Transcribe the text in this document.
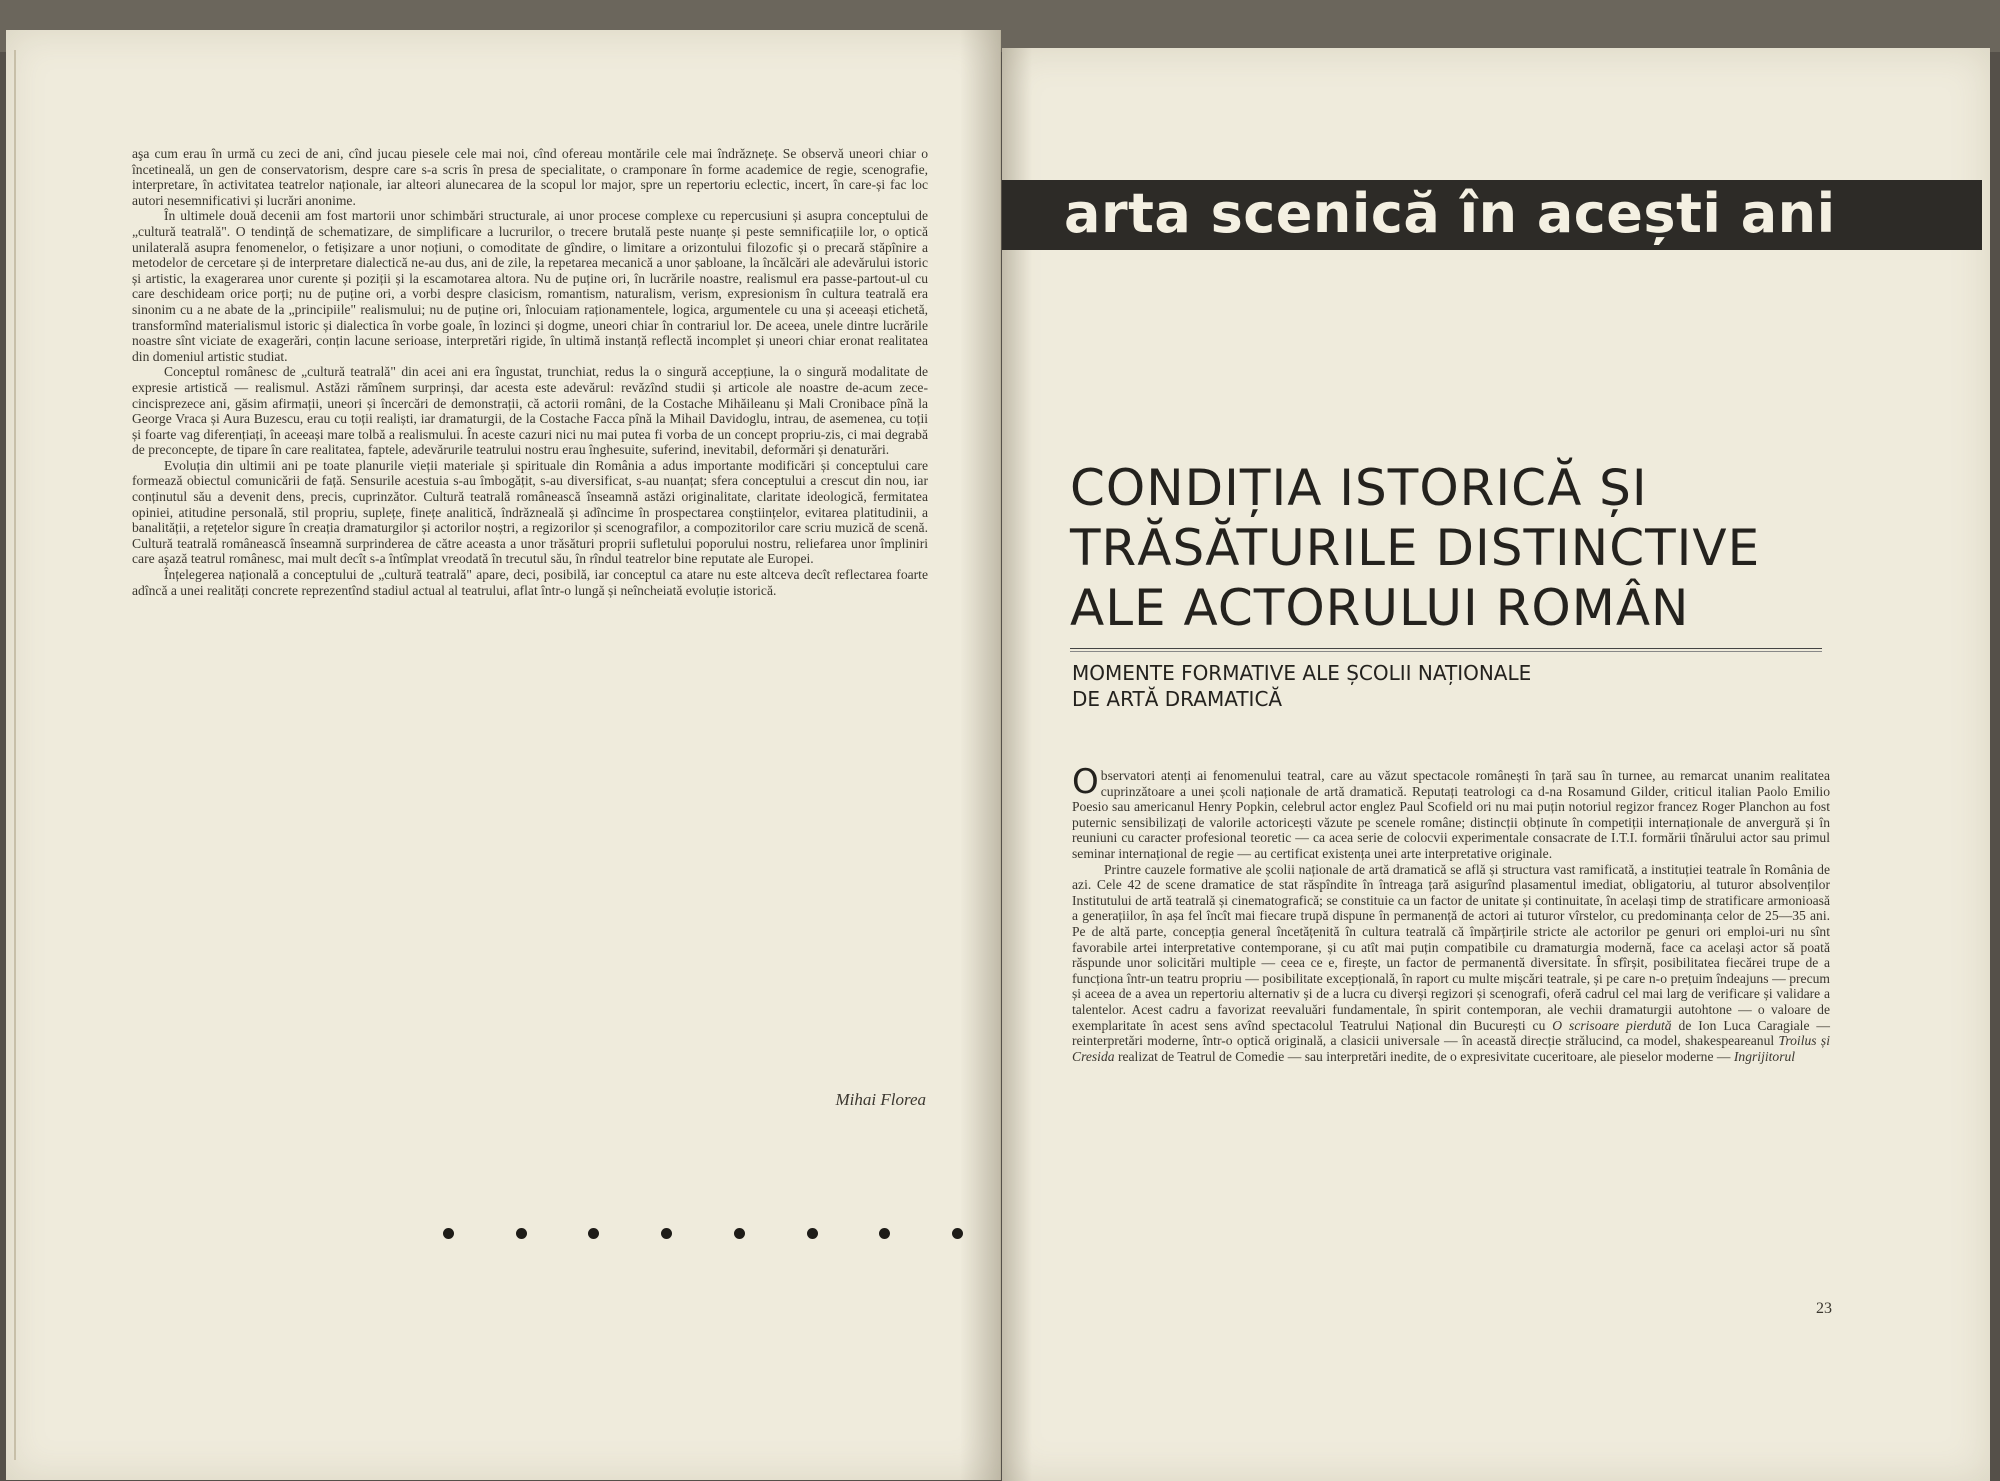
aşa cum erau în urmă cu zeci de ani, cînd jucau piesele cele mai noi, cînd ofereau montările cele mai îndrăznețe. Se observă uneori chiar o încetineală, un gen de conservatorism, despre care s-a scris în presa de specialitate, o cramponare în forme academice de regie, scenografie, interpretare, în activitatea teatrelor naționale, iar alteori alunecarea de la scopul lor major, spre un repertoriu eclectic, incert, în care-și fac loc autori nesemnificativi și lucrări anonime.

În ultimele două decenii am fost martorii unor schimbări structurale, ai unor procese complexe cu repercusiuni și asupra conceptului de „cultură teatrală". O tendință de schematizare, de simplificare a lucrurilor, o trecere brutală peste nuanțe și peste semnificațiile lor, o optică unilaterală asupra fenomenelor, o fetișizare a unor noțiuni, o comoditate de gîndire, o limitare a orizontului filozofic și o precară stăpînire a metodelor de cercetare și de interpretare dialectică ne-au dus, ani de zile, la repetarea mecanică a unor șabloane, la încălcări ale adevărului istoric și artistic, la exagerarea unor curente și poziții și la escamotarea altora. Nu de puține ori, în lucrările noastre, realismul era passe-partout-ul cu care deschideam orice porți; nu de puține ori, a vorbi despre clasicism, romantism, naturalism, verism, expresionism în cultura teatrală era sinonim cu a ne abate de la „principiile" realismului; nu de puține ori, înlocuiam raționamentele, logica, argumentele cu una și aceeași etichetă, transformînd materialismul istoric și dialectica în vorbe goale, în lozinci și dogme, uneori chiar în contrariul lor. De aceea, unele dintre lucrările noastre sînt viciate de exagerări, conțin lacune serioase, interpretări rigide, în ultimă instanță reflectă incomplet și uneori chiar eronat realitatea din domeniul artistic studiat.

Conceptul românesc de „cultură teatrală" din acei ani era îngustat, trunchiat, redus la o singură accepțiune, la o singură modalitate de expresie artistică — realismul. Astăzi rămînem surprinși, dar acesta este adevărul: revăzînd studii și articole ale noastre de-acum zece-cincisprezece ani, găsim afirmații, uneori și încercări de demonstrații, că actorii români, de la Costache Mihăileanu și Mali Cronibace pînă la George Vraca și Aura Buzescu, erau cu toții realiști, iar dramaturgii, de la Costache Facca pînă la Mihail Davidoglu, intrau, de asemenea, cu toții și foarte vag diferențiați, în aceeași mare tolbă a realismului. În aceste cazuri nici nu mai putea fi vorba de un concept propriu-zis, ci mai degrabă de preconcepte, de tipare în care realitatea, faptele, adevărurile teatrului nostru erau înghesuite, suferind, inevitabil, deformări și denaturări.

Evoluția din ultimii ani pe toate planurile vieții materiale și spirituale din România a adus importante modificări și conceptului care formează obiectul comunicării de față. Sensurile acestuia s-au îmbogățit, s-au diversificat, s-au nuanțat; sfera conceptului a crescut din nou, iar conținutul său a devenit dens, precis, cuprinzător. Cultură teatrală românească înseamnă astăzi originalitate, claritate ideologică, fermitatea opiniei, atitudine personală, stil propriu, suplețe, finețe analitică, îndrăzneală și adîncime în prospectarea conștiințelor, evitarea platitudinii, a banalității, a rețetelor sigure în creația dramaturgilor și actorilor noștri, a regizorilor și scenografilor, a compozitorilor care scriu muzică de scenă. Cultură teatrală românească înseamnă surprinderea de către aceasta a unor trăsături proprii sufletului poporului nostru, reliefarea unor împliniri care așază teatrul românesc, mai mult decît s-a întîmplat vreodată în trecutul său, în rîndul teatrelor bine reputate ale Europei.

Înțelegerea națională a conceptului de „cultură teatrală" apare, deci, posibilă, iar conceptul ca atare nu este altceva decît reflectarea foarte adîncă a unei realități concrete reprezentînd stadiul actual al teatrului, aflat într-o lungă și neîncheiată evoluție istorică.

Mihai Florea
arta scenică în acești ani
CONDIȚIA ISTORICĂ ȘI
TRĂSĂTURILE DISTINCTIVE
ALE ACTORULUI ROMÂN
MOMENTE FORMATIVE ALE ȘCOLII NAȚIONALE
DE ARTĂ DRAMATICĂ

Observatori atenți ai fenomenului teatral, care au văzut spectacole românești în țară sau în turnee, au remarcat unanim realitatea cuprinzătoare a unei școli naționale de artă dramatică. Reputați teatrologi ca d-na Rosamund Gilder, criticul italian Paolo Emilio Poesio sau americanul Henry Popkin, celebrul actor englez Paul Scofield ori nu mai puțin notoriul regizor francez Roger Planchon au fost puternic sensibilizați de valorile actoricești văzute pe scenele române; distincții obținute în competiții internaționale de anvergură și în reuniuni cu caracter profesional teoretic — ca acea serie de colocvii experimentale consacrate de I.T.I. formării tînărului actor sau primul seminar internațional de regie — au certificat existența unei arte interpretative originale.

Printre cauzele formative ale școlii naționale de artă dramatică se află și structura vast ramificată, a instituției teatrale în România de azi. Cele 42 de scene dramatice de stat răspîndite în întreaga țară asigurînd plasamentul imediat, obligatoriu, al tuturor absolvenților Institutului de artă teatrală și cinematografică; se constituie ca un factor de unitate și continuitate, în același timp de stratificare armonioasă a generațiilor, în așa fel încît mai fiecare trupă dispune în permanență de actori ai tuturor vîrstelor, cu predominanța celor de 25—35 ani. Pe de altă parte, concepția general încetățenită în cultura teatrală că împărțirile stricte ale actorilor pe genuri ori emploi-uri nu sînt favorabile artei interpretative contemporane, și cu atît mai puțin compatibile cu dramaturgia modernă, face ca același actor să poată răspunde unor solicitări multiple — ceea ce e, firește, un factor de permanentă diversitate. În sfîrșit, posibilitatea fiecărei trupe de a funcționa într-un teatru propriu — posibilitate excepțională, în raport cu multe mișcări teatrale, și pe care n-o prețuim îndeajuns — precum și aceea de a avea un repertoriu alternativ și de a lucra cu diverși regizori și scenografi, oferă cadrul cel mai larg de verificare și validare a talentelor. Acest cadru a favorizat reevaluări fundamentale, în spirit contemporan, ale vechii dramaturgii autohtone — o valoare de exemplaritate în acest sens avînd spectacolul Teatrului Național din București cu O scrisoare pierdută de Ion Luca Caragiale — reinterpretări moderne, într-o optică originală, a clasicii universale — în această direcție strălucind, ca model, shakespeareanul Troilus și Cresida realizat de Teatrul de Comedie — sau interpretări inedite, de o expresivitate cuceritoare, ale pieselor moderne — Ingrijitorul

23
